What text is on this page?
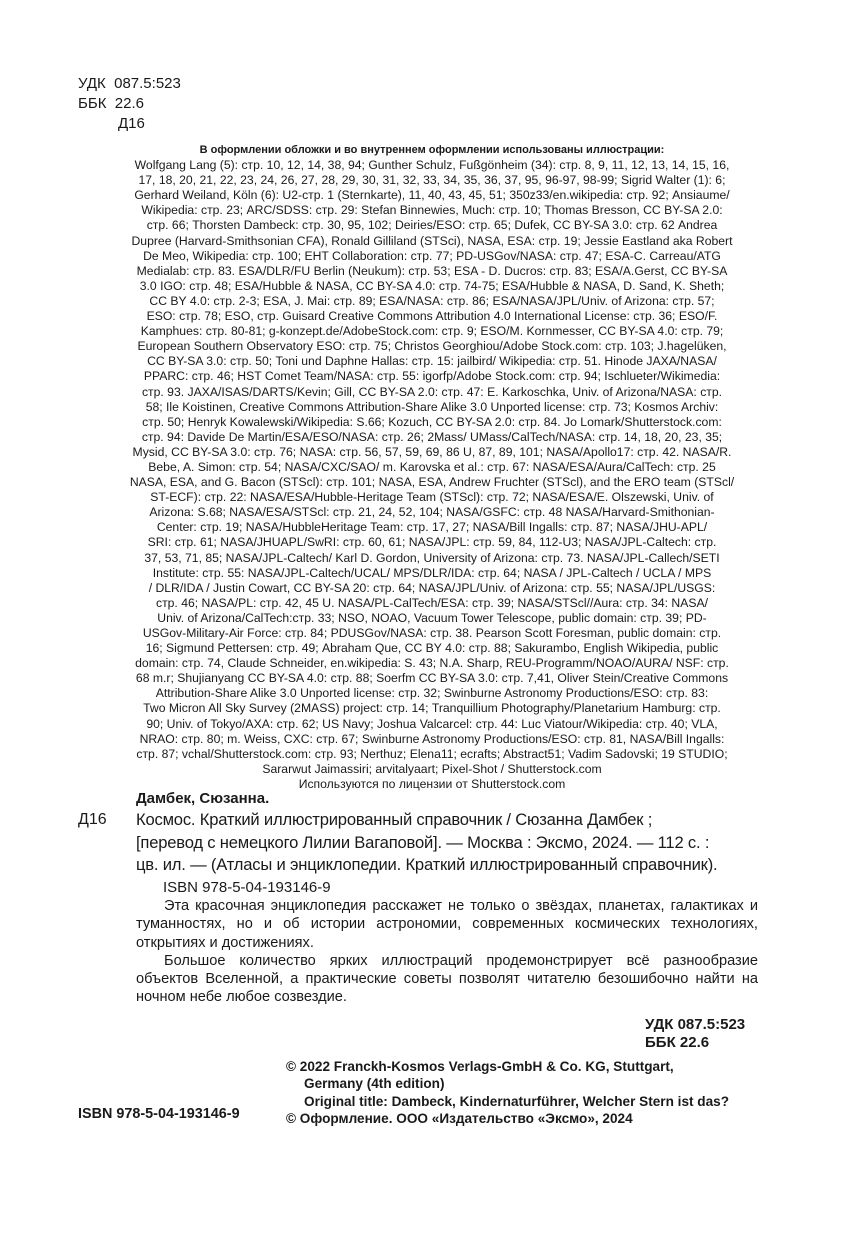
УДК 087.5:523
ББК 22.6
Д16
В оформлении обложки и во внутреннем оформлении использованы иллюстрации:
Wolfgang Lang (5): стр. 10, 12, 14, 38, 94; Gunther Schulz, Fußgönheim (34): стр. 8, 9, 11, 12, 13, 14, 15, 16,
17, 18, 20, 21, 22, 23, 24, 26, 27, 28, 29, 30, 31, 32, 33, 34, 35, 36, 37, 95, 96-97, 98-99; Sigrid Walter (1): 6;
Gerhard Weiland, Köln (6): U2-стр. 1 (Sternkarte), 11, 40, 43, 45, 51; 350z33/en.wikipedia: стр. 92; Ansiaume/
Wikipedia: стр. 23; ARC/SDSS: стр. 29: Stefan Binnewies, Much: стр. 10; Thomas Bresson, CC BY-SA 2.0:
стр. 66; Thorsten Dambeck: стр. 30, 95, 102; Deiries/ESO: стр. 65; Dufek, CC BY-SA 3.0: стр. 62 Andrea
Dupree (Harvard-Smithsonian CFA), Ronald Gilliland (STSci), NASA, ESA: стр. 19; Jessie Eastland aka Robert
De Meo, Wikipedia: стр. 100; EHT Collaboration: стр. 77; PD-USGov/NASA: стр. 47; ESA-C. Carreau/ATG
Medialab: стр. 83. ESA/DLR/FU Berlin (Neukum): стр. 53; ESA - D. Ducros: стр. 83; ESA/A.Gerst, CC BY-SA
3.0 IGO: стр. 48; ESA/Hubble & NASA, CC BY-SA 4.0: стр. 74-75; ESA/Hubble & NASA, D. Sand, K. Sheth;
CC BY 4.0: стр. 2-3; ESA, J. Mai: стр. 89; ESA/NASA: стр. 86; ESA/NASA/JPL/Univ. of Arizona: стр. 57;
ESO: стр. 78; ESO, стр. Guisard Creative Commons Attribution 4.0 International License: стр. 36; ESO/F.
Kamphues: стр. 80-81; g-konzept.de/AdobeStock.com: стр. 9; ESO/M. Kornmesser, CC BY-SA 4.0: стр. 79;
European Southern Observatory ESO: стр. 75; Christos Georghiou/Adobe Stock.com: стр. 103; J.hagelüken,
CC BY-SA 3.0: стр. 50; Toni und Daphne Hallas: стр. 15: jailbird/ Wikipedia: стр. 51. Hinode JAXA/NASA/
PPARC: стр. 46; HST Comet Team/NASA: стр. 55: igorfp/Adobe Stock.com: стр. 94; Ischlueter/Wikimedia:
стр. 93. JAXA/ISAS/DARTS/Kevin; Gill, CC BY-SA 2.0: стр. 47: E. Karkoschka, Univ. of Arizona/NASA: стр.
58; Ile Koistinen, Creative Commons Attribution-Share Alike 3.0 Unported license: стр. 73; Kosmos Archiv:
стр. 50; Henryk Kowalewski/Wikipedia: S.66; Kozuch, CC BY-SA 2.0: стр. 84. Jo Lomark/Shutterstock.com:
стр. 94: Davide De Martin/ESA/ESO/NASA: стр. 26; 2Mass/ UMass/CalTech/NASA: стр. 14, 18, 20, 23, 35;
Mysid, CC BY-SA 3.0: стр. 76; NASA: стр. 56, 57, 59, 69, 86 U, 87, 89, 101; NASA/Apollo17: стр. 42. NASA/R.
Bebe, A. Simon: стр. 54; NASA/CXC/SAO/ m. Karovska et al.: стр. 67: NASA/ESA/Aura/CalTech: стр. 25
NASA, ESA, and G. Bacon (STScl): стр. 101; NASA, ESA, Andrew Fruchter (STScl), and the ERO team (STScl/
ST-ECF): стр. 22: NASA/ESA/Hubble-Heritage Team (STScl): стр. 72; NASA/ESA/E. Olszewski, Univ. of
Arizona: S.68; NASA/ESA/STScl: стр. 21, 24, 52, 104; NASA/GSFC: стр. 48 NASA/Harvard-Smithonian-
Center: стр. 19; NASA/HubbleHeritage Team: стр. 17, 27; NASA/Bill Ingalls: стр. 87; NASA/JHU-APL/
SRI: стр. 61; NASA/JHUAPL/SwRI: стр. 60, 61; NASA/JPL: стр. 59, 84, 112-U3; NASA/JPL-Caltech: стр.
37, 53, 71, 85; NASA/JPL-Caltech/ Karl D. Gordon, University of Arizona: стр. 73. NASA/JPL-Callech/SETI
Institute: стр. 55: NASA/JPL-Caltech/UCAL/ MPS/DLR/IDA: стр. 64; NASA / JPL-Caltech / UCLA / MPS
/ DLR/IDA / Justin Cowart, CC BY-SA 20: стр. 64; NASA/JPL/Univ. of Arizona: стр. 55; NASA/JPL/USGS:
стр. 46; NASA/PL: стр. 42, 45 U. NASA/PL-CalTech/ESA: стр. 39; NASA/STScl//Aura: стр. 34: NASA/
Univ. of Arizona/CalTech:стр. 33; NSO, NOAO, Vacuum Tower Telescope, public domain: стр. 39; PD-
USGov-Military-Air Force: стр. 84; PDUSGov/NASA: стр. 38. Pearson Scott Foresman, public domain: стр.
16; Sigmund Pettersen: стр. 49; Abraham Que, CC BY 4.0: стр. 88; Sakurambo, English Wikipedia, public
domain: стр. 74, Claude Schneider, en.wikipedia: S. 43; N.A. Sharp, REU-Programm/NOAO/AURA/ NSF: стр.
68 m.r; Shujianyang CC BY-SA 4.0: стр. 88; Soerfm CC BY-SA 3.0: стр. 7,41, Oliver Stein/Creative Commons
Attribution-Share Alike 3.0 Unported license: стр. 32; Swinburne Astronomy Productions/ESO: стр. 83:
Two Micron All Sky Survey (2MASS) project: стр. 14; Tranquillium Photography/Planetarium Hamburg: стр.
90; Univ. of Tokyo/AXA: стр. 62; US Navy; Joshua Valcarcel: стр. 44: Luc Viatour/Wikipedia: стр. 40; VLA,
NRAO: стр. 80; m. Weiss, CXC: стр. 67; Swinburne Astronomy Productions/ESO: стр. 81, NASA/Bill Ingalls:
стр. 87; vchal/Shutterstock.com: стр. 93; Nerthuz; Elena11; ecrafts; Abstract51; Vadim Sadovski; 19 STUDIO;
Sararwut Jaimassiri; arvitalyaart; Pixel-Shot / Shutterstock.com
Используются по лицензии от Shutterstock.com
Дамбек, Сюзанна.
Д16 Космос. Краткий иллюстрированный справочник / Сюзанна Дамбек ;
[перевод с немецкого Лилии Вагаповой]. — Москва : Эксмо, 2024. — 112 с. :
цв. ил. — (Атласы и энциклопедии. Краткий иллюстрированный справочник).
ISBN 978-5-04-193146-9

Эта красочная энциклопедия расскажет не только о звёздах, планетах, галактиках и туманностях, но и об истории астрономии, современных космических технологиях, открытиях и достижениях.

Большое количество ярких иллюстраций продемонстрирует всё разнообразие объектов Вселенной, а практические советы позволят читателю безошибочно найти на ночном небе любое созвездие.

УДК 087.5:523
ББК 22.6
© 2022 Franckh-Kosmos Verlags-GmbH & Co. KG, Stuttgart,
Germany (4th edition)
Original title: Dambeck, Kindernaturführer, Welcher Stern ist das?
© Оформление. ООО «Издательство «Эксмо», 2024
ISBN 978-5-04-193146-9
